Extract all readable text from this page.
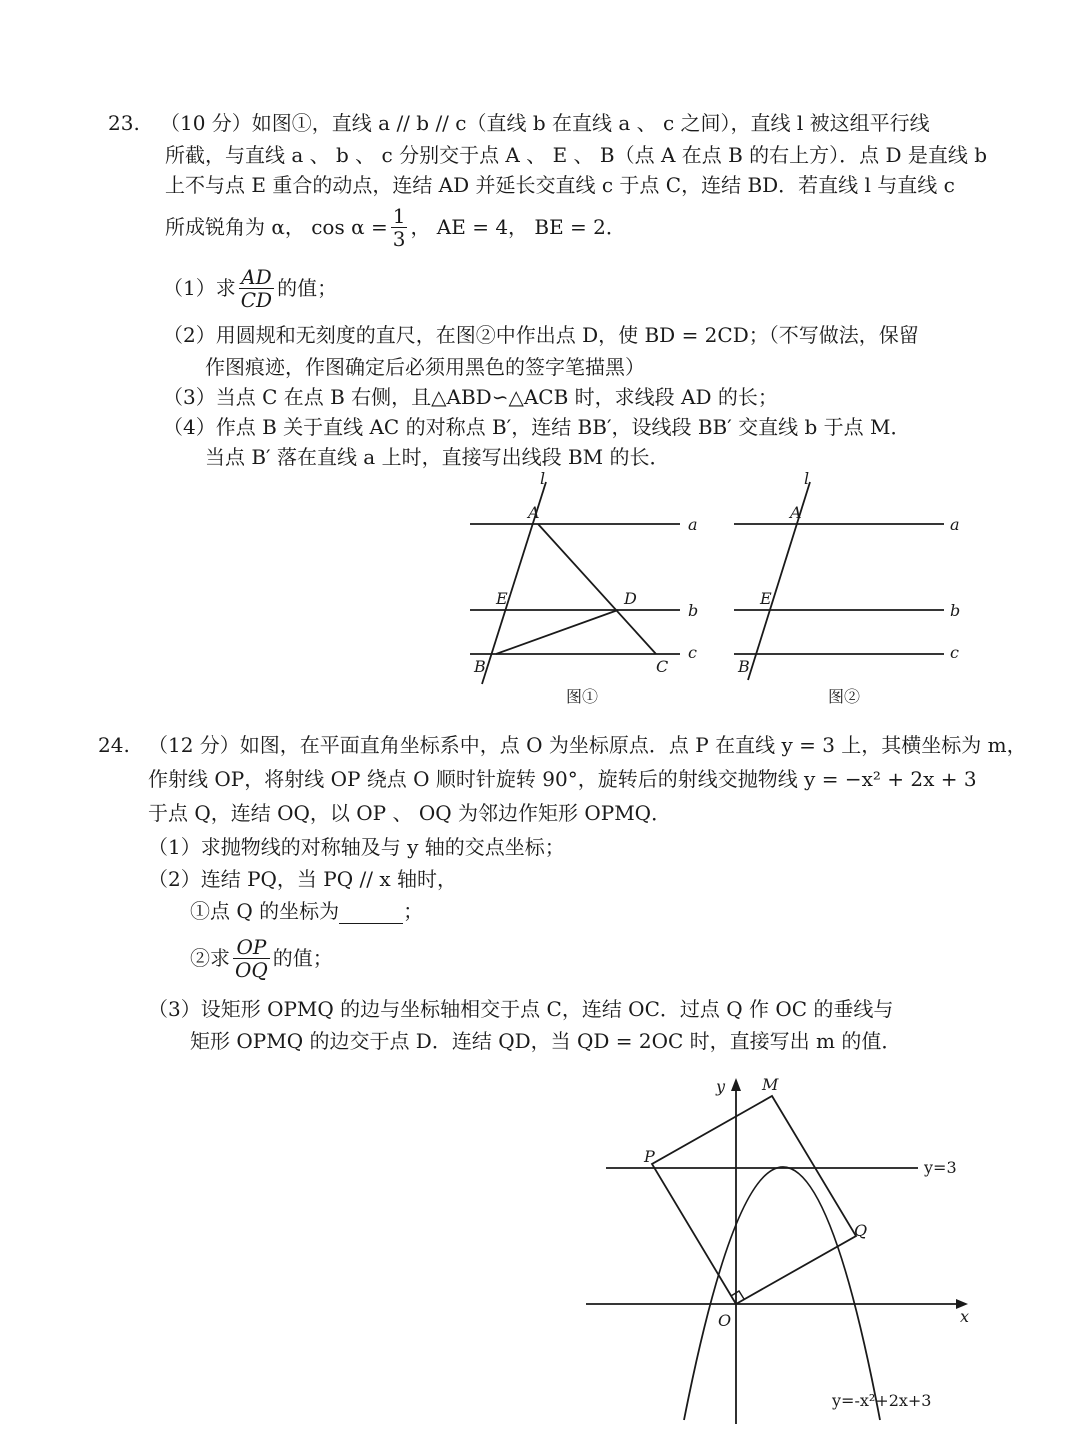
23. （10 分）如图①，直线 a // b // c（直线 b 在直线 a 、 c 之间），直线 l 被这组平行线
所截，与直线 a 、 b 、 c 分别交于点 A 、 E 、 B（点 A 在点 B 的右上方）．点 D 是直线 b
上不与点 E 重合的动点，连结 AD 并延长交直线 c 于点 C，连结 BD．若直线 l 与直线 c
所成锐角为 α， $\cos \alpha = \frac{1}{3}$ ， AE = 4， BE = 2．
（1）求 $\frac{AD}{CD}$ 的值；
（2）用圆规和无刻度的直尺，在图②中作出点 D，使 BD = 2CD；（不写做法，保留
作图痕迹，作图确定后必须用黑色的签字笔描黑）
（3）当点 C 在点 B 右侧，且△ABD∽△ACB 时，求线段 AD 的长；
（4）作点 B 关于直线 AC 的对称点 B′，连结 BB′，设线段 BB′ 交直线 b 于点 M．
当点 B′ 落在直线 a 上时，直接写出线段 BM 的长．
l
a
b
c
A
E	D
B	C
图①
l
a
b
c
A
E
B
图②
24. （12 分）如图，在平面直角坐标系中，点 O 为坐标原点．点 P 在直线 y = 3 上，其横坐标为 m，
作射线 OP，将射线 OP 绕点 O 顺时针旋转 90°，旋转后的射线交抛物线 y = −x² + 2x + 3
于点 Q，连结 OQ，以 OP 、 OQ 为邻边作矩形 OPMQ．
（1）求抛物线的对称轴及与 y 轴的交点坐标；
（2）连结 PQ，当 PQ // x 轴时，
①点 Q 的坐标为	；
②求 $\frac{OP}{OQ}$ 的值；
（3）设矩形 OPMQ 的边与坐标轴相交于点 C，连结 OC．过点 Q 作 OC 的垂线与
矩形 OPMQ 的边交于点 D．连结 QD，当 QD = 2OC 时，直接写出 m 的值．
y
x
O
P
M
Q
y=3
y=-x²+2x+3
